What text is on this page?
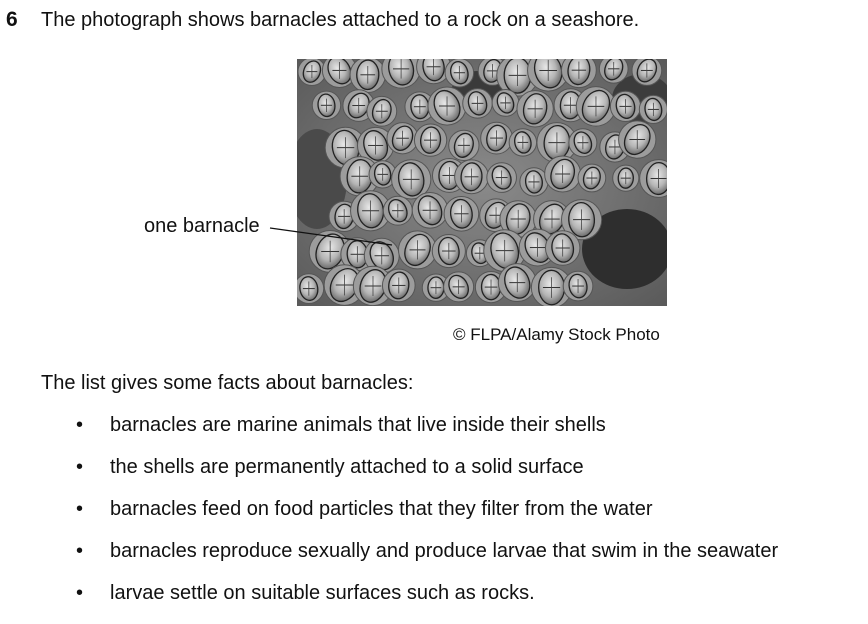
6 The photograph shows barnacles attached to a rock on a seashore.
one barnacle
© FLPA/Alamy Stock Photo
The list gives some facts about barnacles:
• barnacles are marine animals that live inside their shells
• the shells are permanently attached to a solid surface
• barnacles feed on food particles that they filter from the water
• barnacles reproduce sexually and produce larvae that swim in the seawater
• larvae settle on suitable surfaces such as rocks.
